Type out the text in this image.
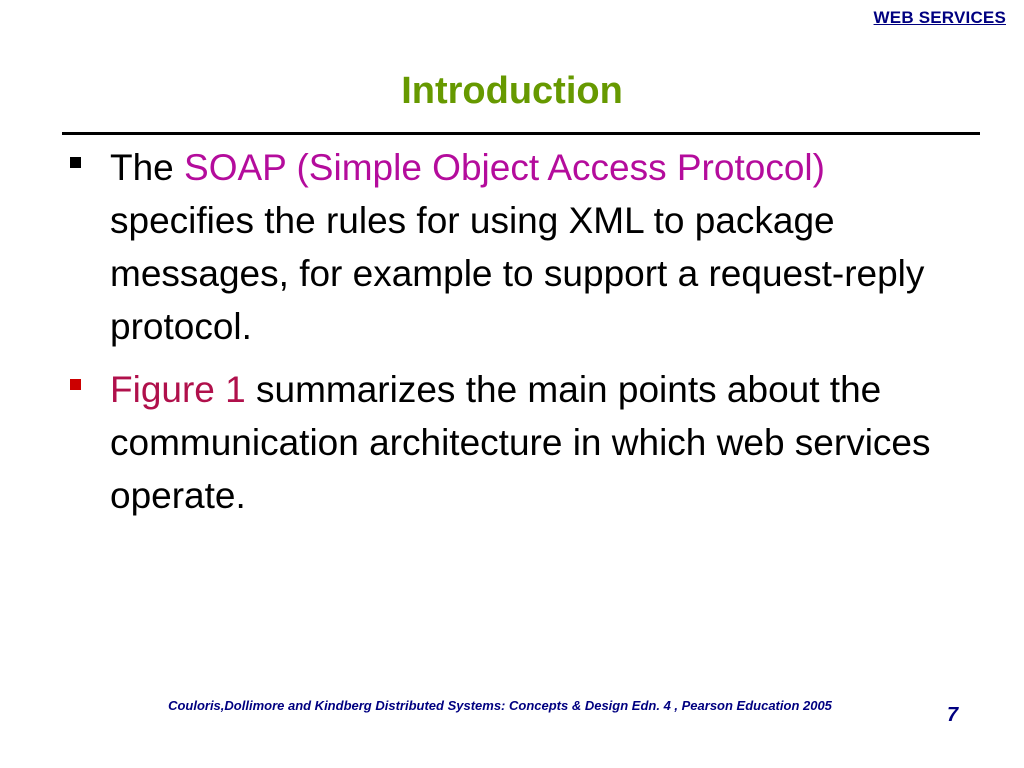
WEB SERVICES
Introduction
The SOAP (Simple Object Access Protocol) specifies the rules for using XML to package messages, for example to support a request-reply protocol.
Figure 1 summarizes the main points about the communication architecture in which web services operate.
Couloris,Dollimore and Kindberg Distributed Systems: Concepts & Design Edn. 4 , Pearson Education 2005	7
